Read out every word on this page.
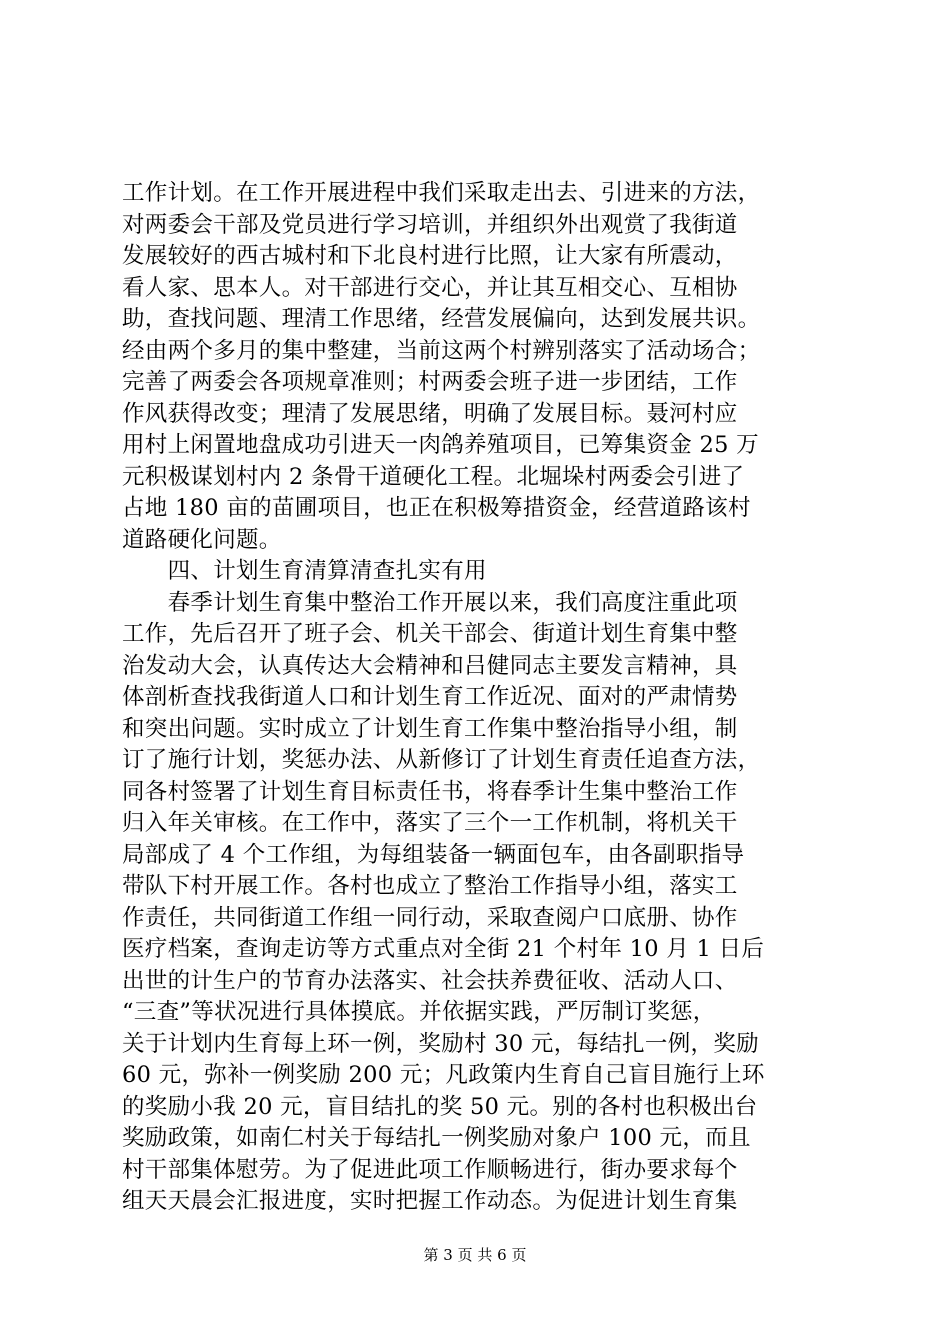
工作计划。在工作开展进程中我们采取走出去、引进来的方法，
对两委会干部及党员进行学习培训，并组织外出观赏了我街道
发展较好的西古城村和下北良村进行比照，让大家有所震动，
看人家、思本人。对干部进行交心，并让其互相交心、互相协
助，查找问题、理清工作思绪，经营发展偏向，达到发展共识。
经由两个多月的集中整建，当前这两个村辨别落实了活动场合；
完善了两委会各项规章准则；村两委会班子进一步团结，工作
作风获得改变；理清了发展思绪，明确了发展目标。聂河村应
用村上闲置地盘成功引进天一肉鸽养殖项目，已筹集资金 25 万
元积极谋划村内 2 条骨干道硬化工程。北堀垛村两委会引进了
占地 180 亩的苗圃项目，也正在积极筹措资金，经营道路该村
道路硬化问题。
　　四、计划生育清算清查扎实有用
　　春季计划生育集中整治工作开展以来，我们高度注重此项
工作，先后召开了班子会、机关干部会、街道计划生育集中整
治发动大会，认真传达大会精神和吕健同志主要发言精神，具
体剖析查找我街道人口和计划生育工作近况、面对的严肃情势
和突出问题。实时成立了计划生育工作集中整治指导小组，制
订了施行计划，奖惩办法、从新修订了计划生育责任追查方法，
同各村签署了计划生育目标责任书，将春季计生集中整治工作
归入年关审核。在工作中，落实了三个一工作机制，将机关干
局部成了 4 个工作组，为每组装备一辆面包车，由各副职指导
带队下村开展工作。各村也成立了整治工作指导小组，落实工
作责任，共同街道工作组一同行动，采取查阅户口底册、协作
医疗档案，查询走访等方式重点对全街 21 个村年 10 月 1 日后
出世的计生户的节育办法落实、社会扶养费征收、活动人口、
“三查”等状况进行具体摸底。并依据实践，严厉制订奖惩，
关于计划内生育每上环一例，奖励村 30 元，每结扎一例，奖励
60 元，弥补一例奖励 200 元；凡政策内生育自己盲目施行上环
的奖励小我 20 元，盲目结扎的奖 50 元。别的各村也积极出台
奖励政策，如南仁村关于每结扎一例奖励对象户 100 元，而且
村干部集体慰劳。为了促进此项工作顺畅进行，街办要求每个
组天天晨会汇报进度，实时把握工作动态。为促进计划生育集
第 3 页 共 6 页
